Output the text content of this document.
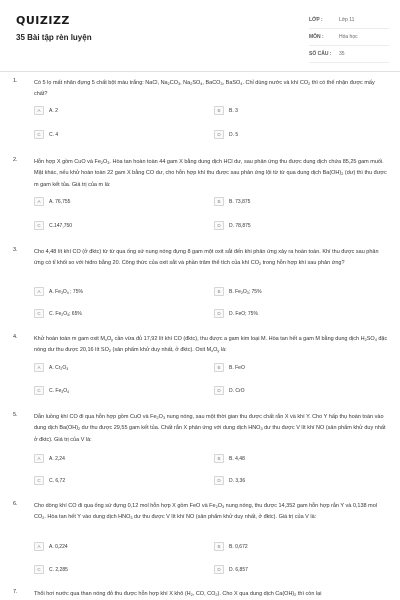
QUIZIZZ
35 Bài tập rèn luyện
LỚP :	Lớp 11
MÔN :	Hóa học
SỐ CÂU :	35
1.	Có 5 lọ mất nhãn đựng 5 chất bột màu trắng: NaCl, $Na_2CO_3$, $Na_2SO_4$, BaCO$_3$, BaSO$_4$. Chỉ dùng nước và khí $CO_2$ thì có thể nhận được mấy chất?
A	A. 2	B	B. 3
C	C. 4	D	D. 5
2.	Hỗn hợp X gồm CuO và $Fe_2O_3$. Hòa tan hoàn toàn 44 gam X bằng dung dịch HCl dư, sau phản ứng thu được dung dịch chứa 85,25 gam muối. Mặt khác, nếu khử hoàn toàn 22 gam X bằng CO dư, cho hỗn hợp khí thu được sau phản ứng lội từ từ qua dung dịch $Ba(OH)_2$ (dư) thì thu được m gam kết tủa. Giá trị của m là:
A	A. 76,755	B	B. 73,875
C	C.147,750	D	D. 78,875
3.	Cho 4,48 lít khí CO (ở đktc) từ từ qua ống sứ nung nóng đựng 8 gam một oxit sắt đến khi phản ứng xảy ra hoàn toàn. Khí thu được sau phản ứng có tỉ khối so với hiđro bằng 20. Công thức của oxit sắt và phần trăm thể tích của khí $CO_2$ trong hỗn hợp khí sau phản ứng?
A	A. $Fe_3O_4$ ; 75%	B	B. $Fe_2O_3$; 75%
C	C. $Fe_2O_3$; 65%	D	D. FeO; 75%
4.	Khử hoàn toàn m gam oxit $M_xO_y$ cần vừa đủ 17,92 lít khí CO (đktc), thu được a gam kim loại M. Hòa tan hết a gam M bằng dung dịch $H_2SO_4$ đặc nóng dư thu được 20,16 lít $SO_2$ (sản phẩm khử duy nhất, ở đktc). Oxit $M_xO_y$ là:
A	A. $Cr_2O_3$	B	B. FeO
C	C. $Fe_3O_4$	D	D. CrO
5.	Dẫn luồng khí CO đi qua hỗn hợp gồm CuO và $Fe_2O_3$ nung nóng, sau một thời gian thu được chất rắn X và khí Y. Cho Y hấp thụ hoàn toàn vào dung dịch $Ba(OH)_2$ dư thu được 29,55 gam kết tủa. Chất rắn X phản ứng với dung dịch $HNO_3$ dư thu được V lít khí NO (sản phẩm khử duy nhất ở đktc). Giá trị của V là:
A	A. 2,24	B	B. 4,48
C	C. 6,72	D	D. 3,36
6.	Cho dòng khí CO đi qua ống sứ đựng 0,12 mol hỗn hợp X gồm FeO và $Fe_2O_3$ nung nóng, thu được 14,352 gam hỗn hợp rắn Y và 0,138 mol $CO_2$. Hòa tan hết Y vào dung dịch $HNO_3$ dư thu được V lít khí NO (sản phẩm khử duy nhất, ở đktc). Giá trị của V là:
A	A. 0,224	B	B. 0,672
C	C. 2,285	D	D. 6,857
7.	Thổi hơi nước qua than nóng đỏ thu được hỗn hợp khí X khô ($H_2$, CO, $CO_2$). Cho X qua dung dịch $Ca(OH)_2$ thì còn lại
